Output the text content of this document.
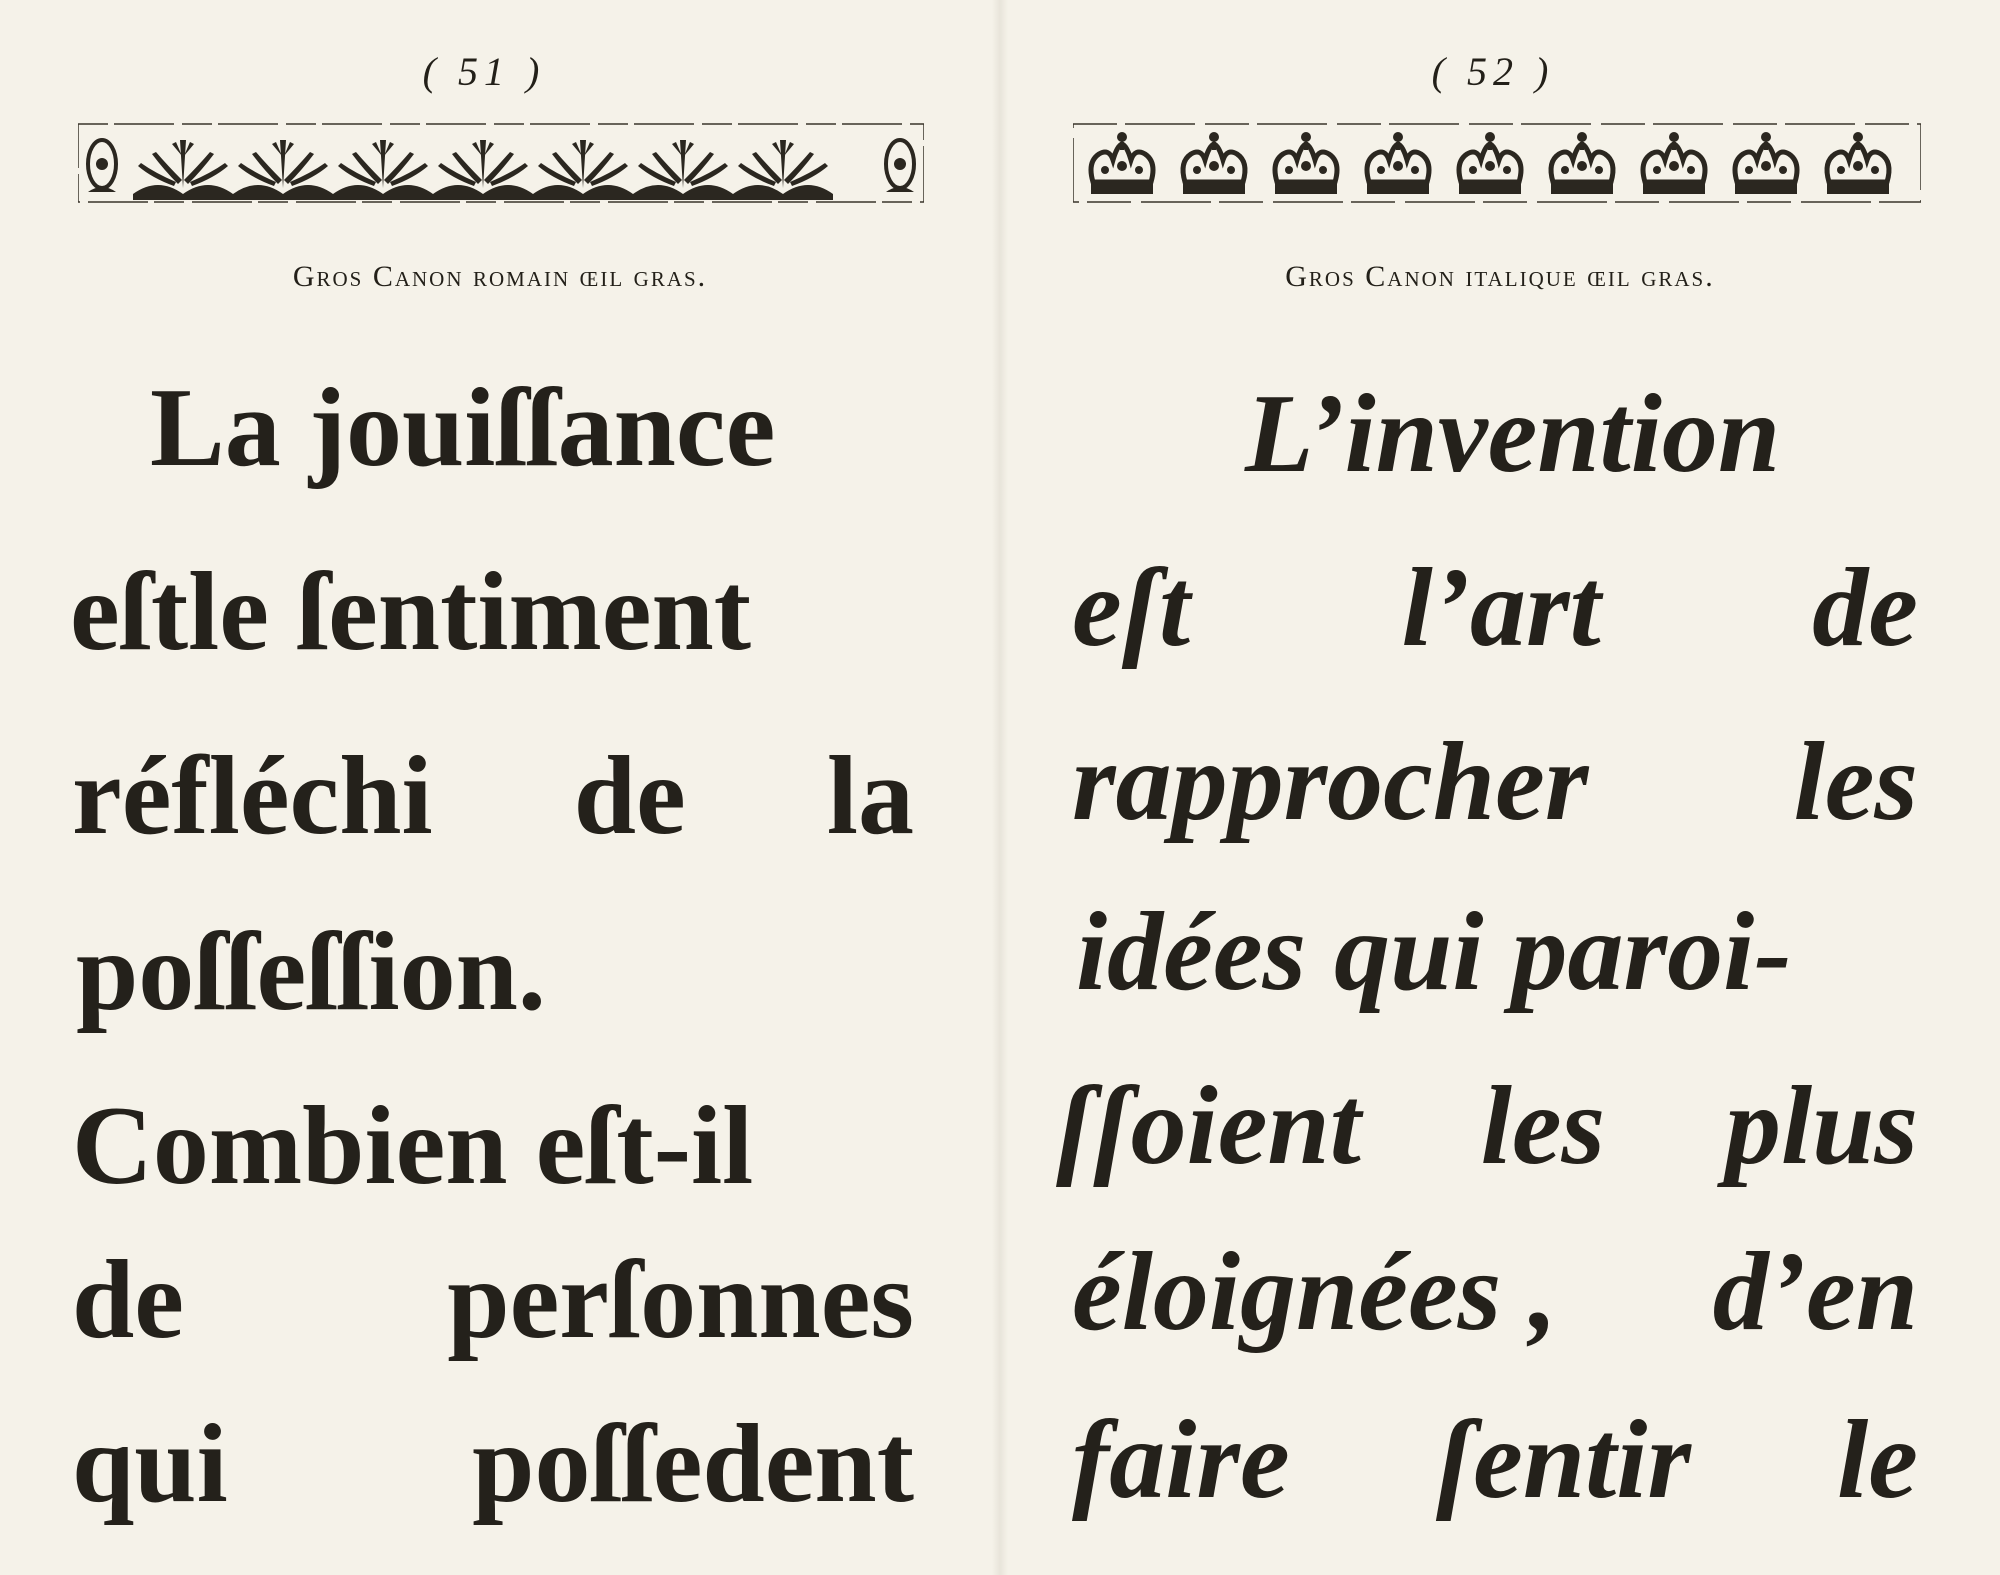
( 51 )
Gros Canon romain œil gras.
La jouiſſance
eſtle ſentiment
réfléchi de la
poſſeſſion.
Combien eſt-il
de perſonnes
qui poſſedent
( 52 )
Gros Canon italique œil gras.
L’invention
eſt l’art de
rapprocher les
idées qui paroi-
ſſoient les plus
éloignées , d’en
faire ſentir le
